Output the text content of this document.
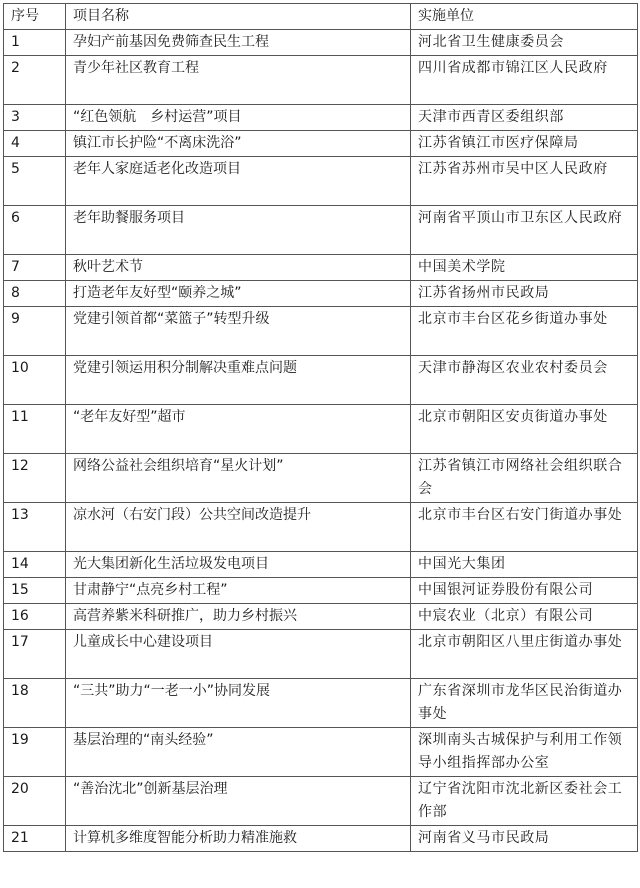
序号	项目名称	实施单位
1	孕妇产前基因免费筛查民生工程	河北省卫生健康委员会
2	青少年社区教育工程	四川省成都市锦江区人民政府
3	“红色领航　乡村运营”项目	天津市西青区委组织部
4	镇江市长护险“不离床洗浴”	江苏省镇江市医疗保障局
5	老年人家庭适老化改造项目	江苏省苏州市吴中区人民政府
6	老年助餐服务项目	河南省平顶山市卫东区人民政府
7	秋叶艺术节	中国美术学院
8	打造老年友好型“颐养之城”	江苏省扬州市民政局
9	党建引领首都“菜篮子”转型升级	北京市丰台区花乡街道办事处
10	党建引领运用积分制解决重难点问题	天津市静海区农业农村委员会
11	“老年友好型”超市	北京市朝阳区安贞街道办事处
12	网络公益社会组织培育“星火计划”	江苏省镇江市网络社会组织联合会
13	凉水河（右安门段）公共空间改造提升	北京市丰台区右安门街道办事处
14	光大集团新化生活垃圾发电项目	中国光大集团
15	甘肃静宁“点亮乡村工程”	中国银河证券股份有限公司
16	高营养紫米科研推广，助力乡村振兴	中宸农业（北京）有限公司
17	儿童成长中心建设项目	北京市朝阳区八里庄街道办事处
18	“三共”助力“一老一小”协同发展	广东省深圳市龙华区民治街道办事处
19	基层治理的“南头经验”	深圳南头古城保护与利用工作领导小组指挥部办公室
20	“善治沈北”创新基层治理	辽宁省沈阳市沈北新区委社会工作部
21	计算机多维度智能分析助力精准施救	河南省义马市民政局
